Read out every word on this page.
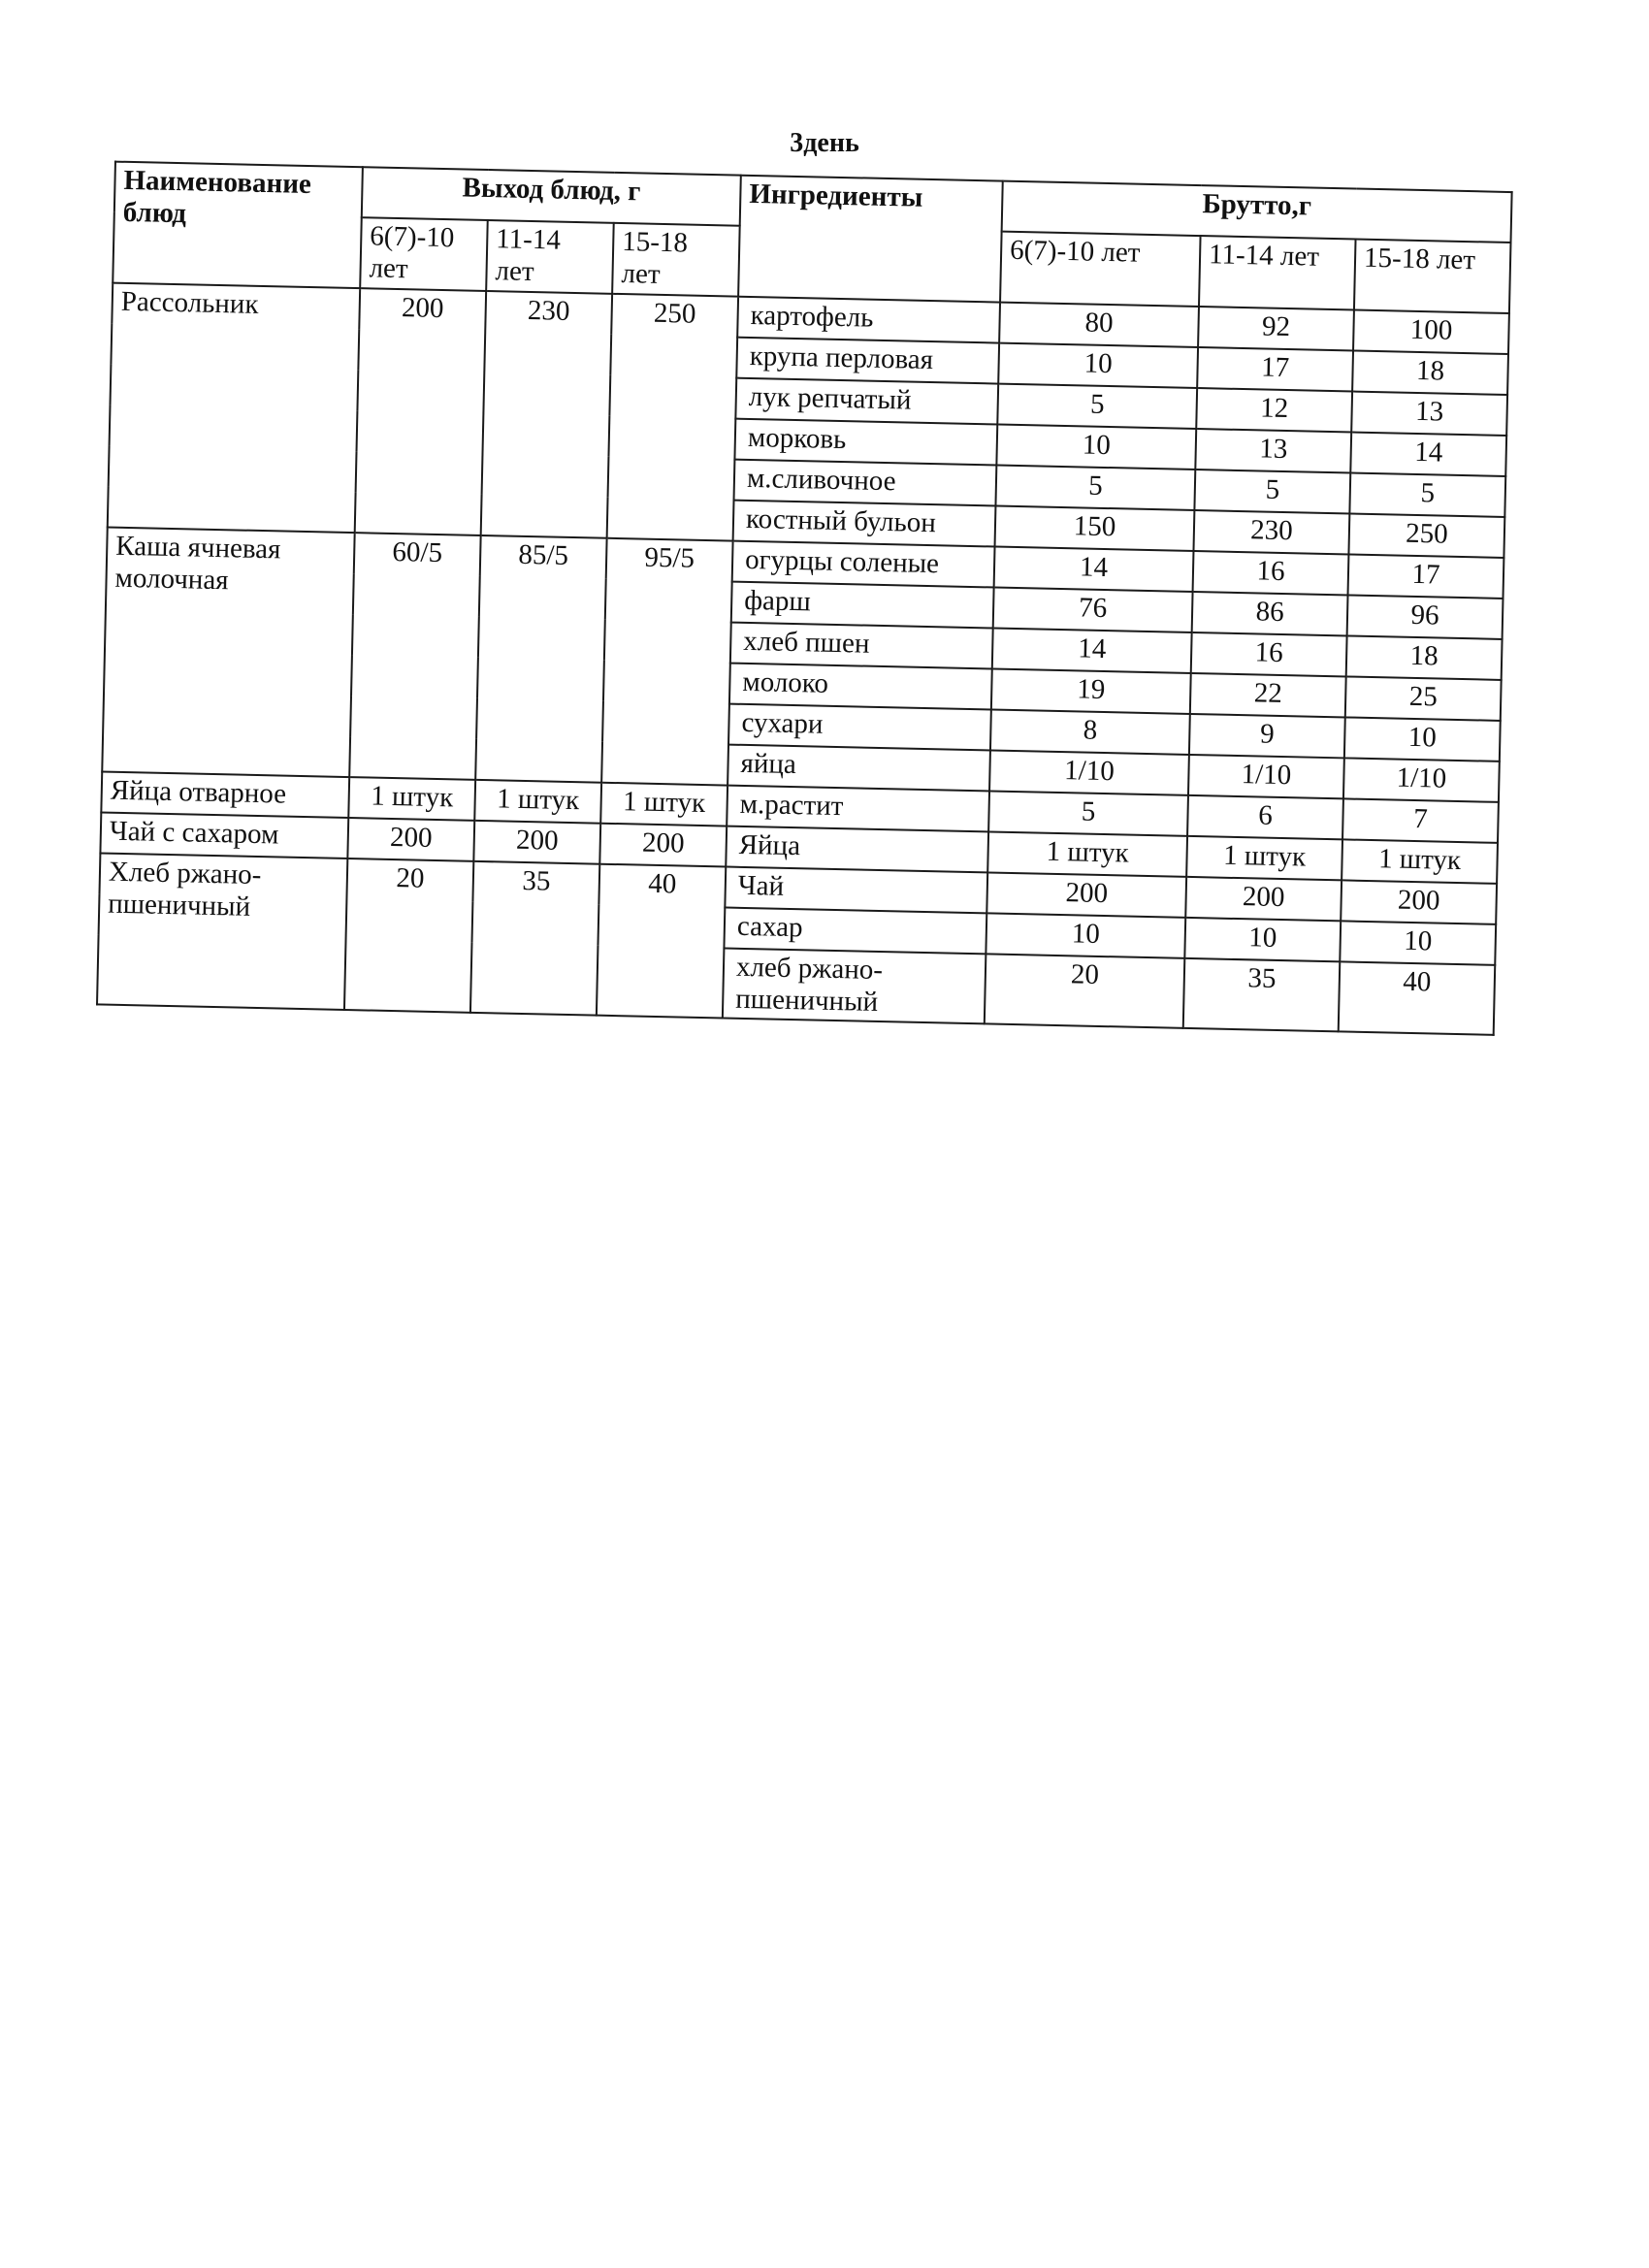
3день
Наименование блюд	Выход блюд, г			Ингредиенты	Брутто,г		
	6(7)-10 лет	11-14 лет	15-18 лет		6(7)-10 лет	11-14 лет	15-18 лет
Рассольник	200	230	250	картофель	80	92	100
				крупа перловая	10	17	18
				лук репчатый	5	12	13
				морковь	10	13	14
				м.сливочное	5	5	5
				костный бульон	150	230	250
Каша ячневая молочная	60/5	85/5	95/5	огурцы соленые	14	16	17
				фарш	76	86	96
				хлеб пшен	14	16	18
				молоко	19	22	25
				сухари	8	9	10
				яйца	1/10	1/10	1/10
Яйца отварное	1 штук	1 штук	1 штук	м.растит	5	6	7
Чай с сахаром	200	200	200	Яйца	1 штук	1 штук	1 штук
Хлеб ржано-пшеничный	20	35	40	Чай	200	200	200
				сахар	10	10	10
				хлеб ржано-пшеничный	20	35	40
